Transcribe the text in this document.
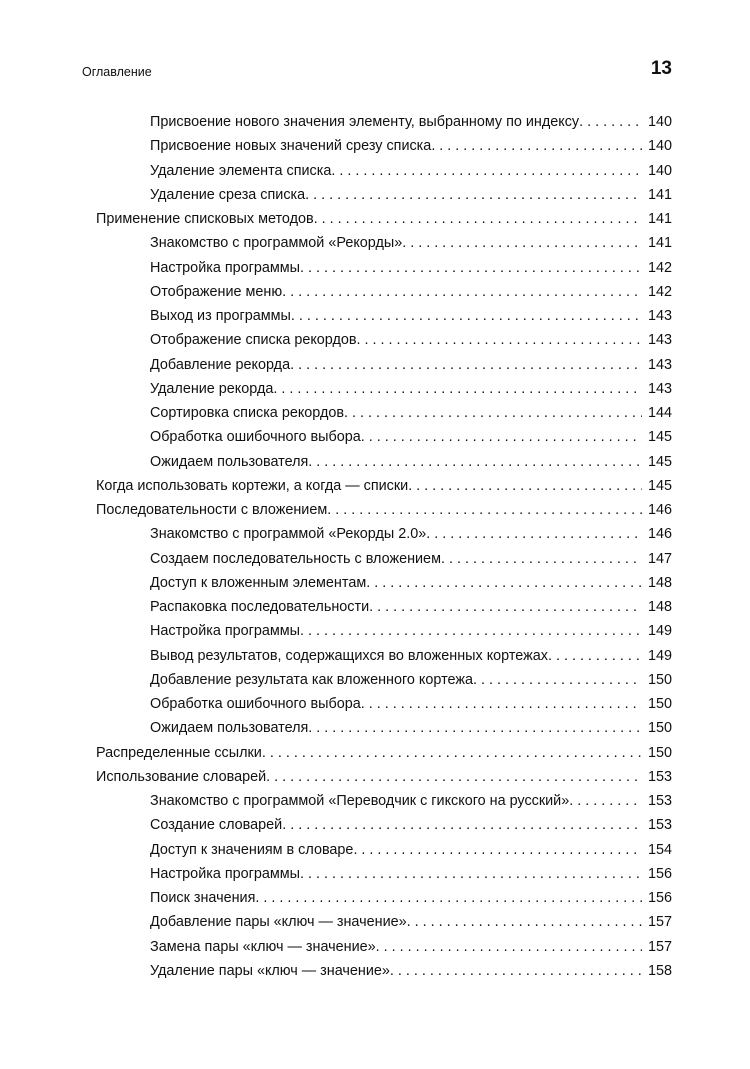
Оглавление	13
Присвоение нового значения элементу, выбранному по индексу . . .	140
Присвоение новых значений срезу списка . . .	140
Удаление элемента списка . . .	140
Удаление среза списка . . .	141
Применение списковых методов . . .	141
Знакомство с программой «Рекорды» . . .	141
Настройка программы . . .	142
Отображение меню . . .	142
Выход из программы . . .	143
Отображение списка рекордов . . .	143
Добавление рекорда . . .	143
Удаление рекорда . . .	143
Сортировка списка рекордов . . .	144
Обработка ошибочного выбора . . .	145
Ожидаем пользователя . . .	145
Когда использовать кортежи, а когда — списки . . .	145
Последовательности с вложением . . .	146
Знакомство с программой «Рекорды 2.0» . . .	146
Создаем последовательность с вложением . . .	147
Доступ к вложенным элементам . . .	148
Распаковка последовательности . . .	148
Настройка программы . . .	149
Вывод результатов, содержащихся во вложенных кортежах . . .	149
Добавление результата как вложенного кортежа . . .	150
Обработка ошибочного выбора . . .	150
Ожидаем пользователя . . .	150
Распределенные ссылки . . .	150
Использование словарей . . .	153
Знакомство с программой «Переводчик с гикского на русский» . . .	153
Создание словарей . . .	153
Доступ к значениям в словаре . . .	154
Настройка программы . . .	156
Поиск значения . . .	156
Добавление пары «ключ — значение» . . .	157
Замена пары «ключ — значение» . . .	157
Удаление пары «ключ — значение» . . .	158
